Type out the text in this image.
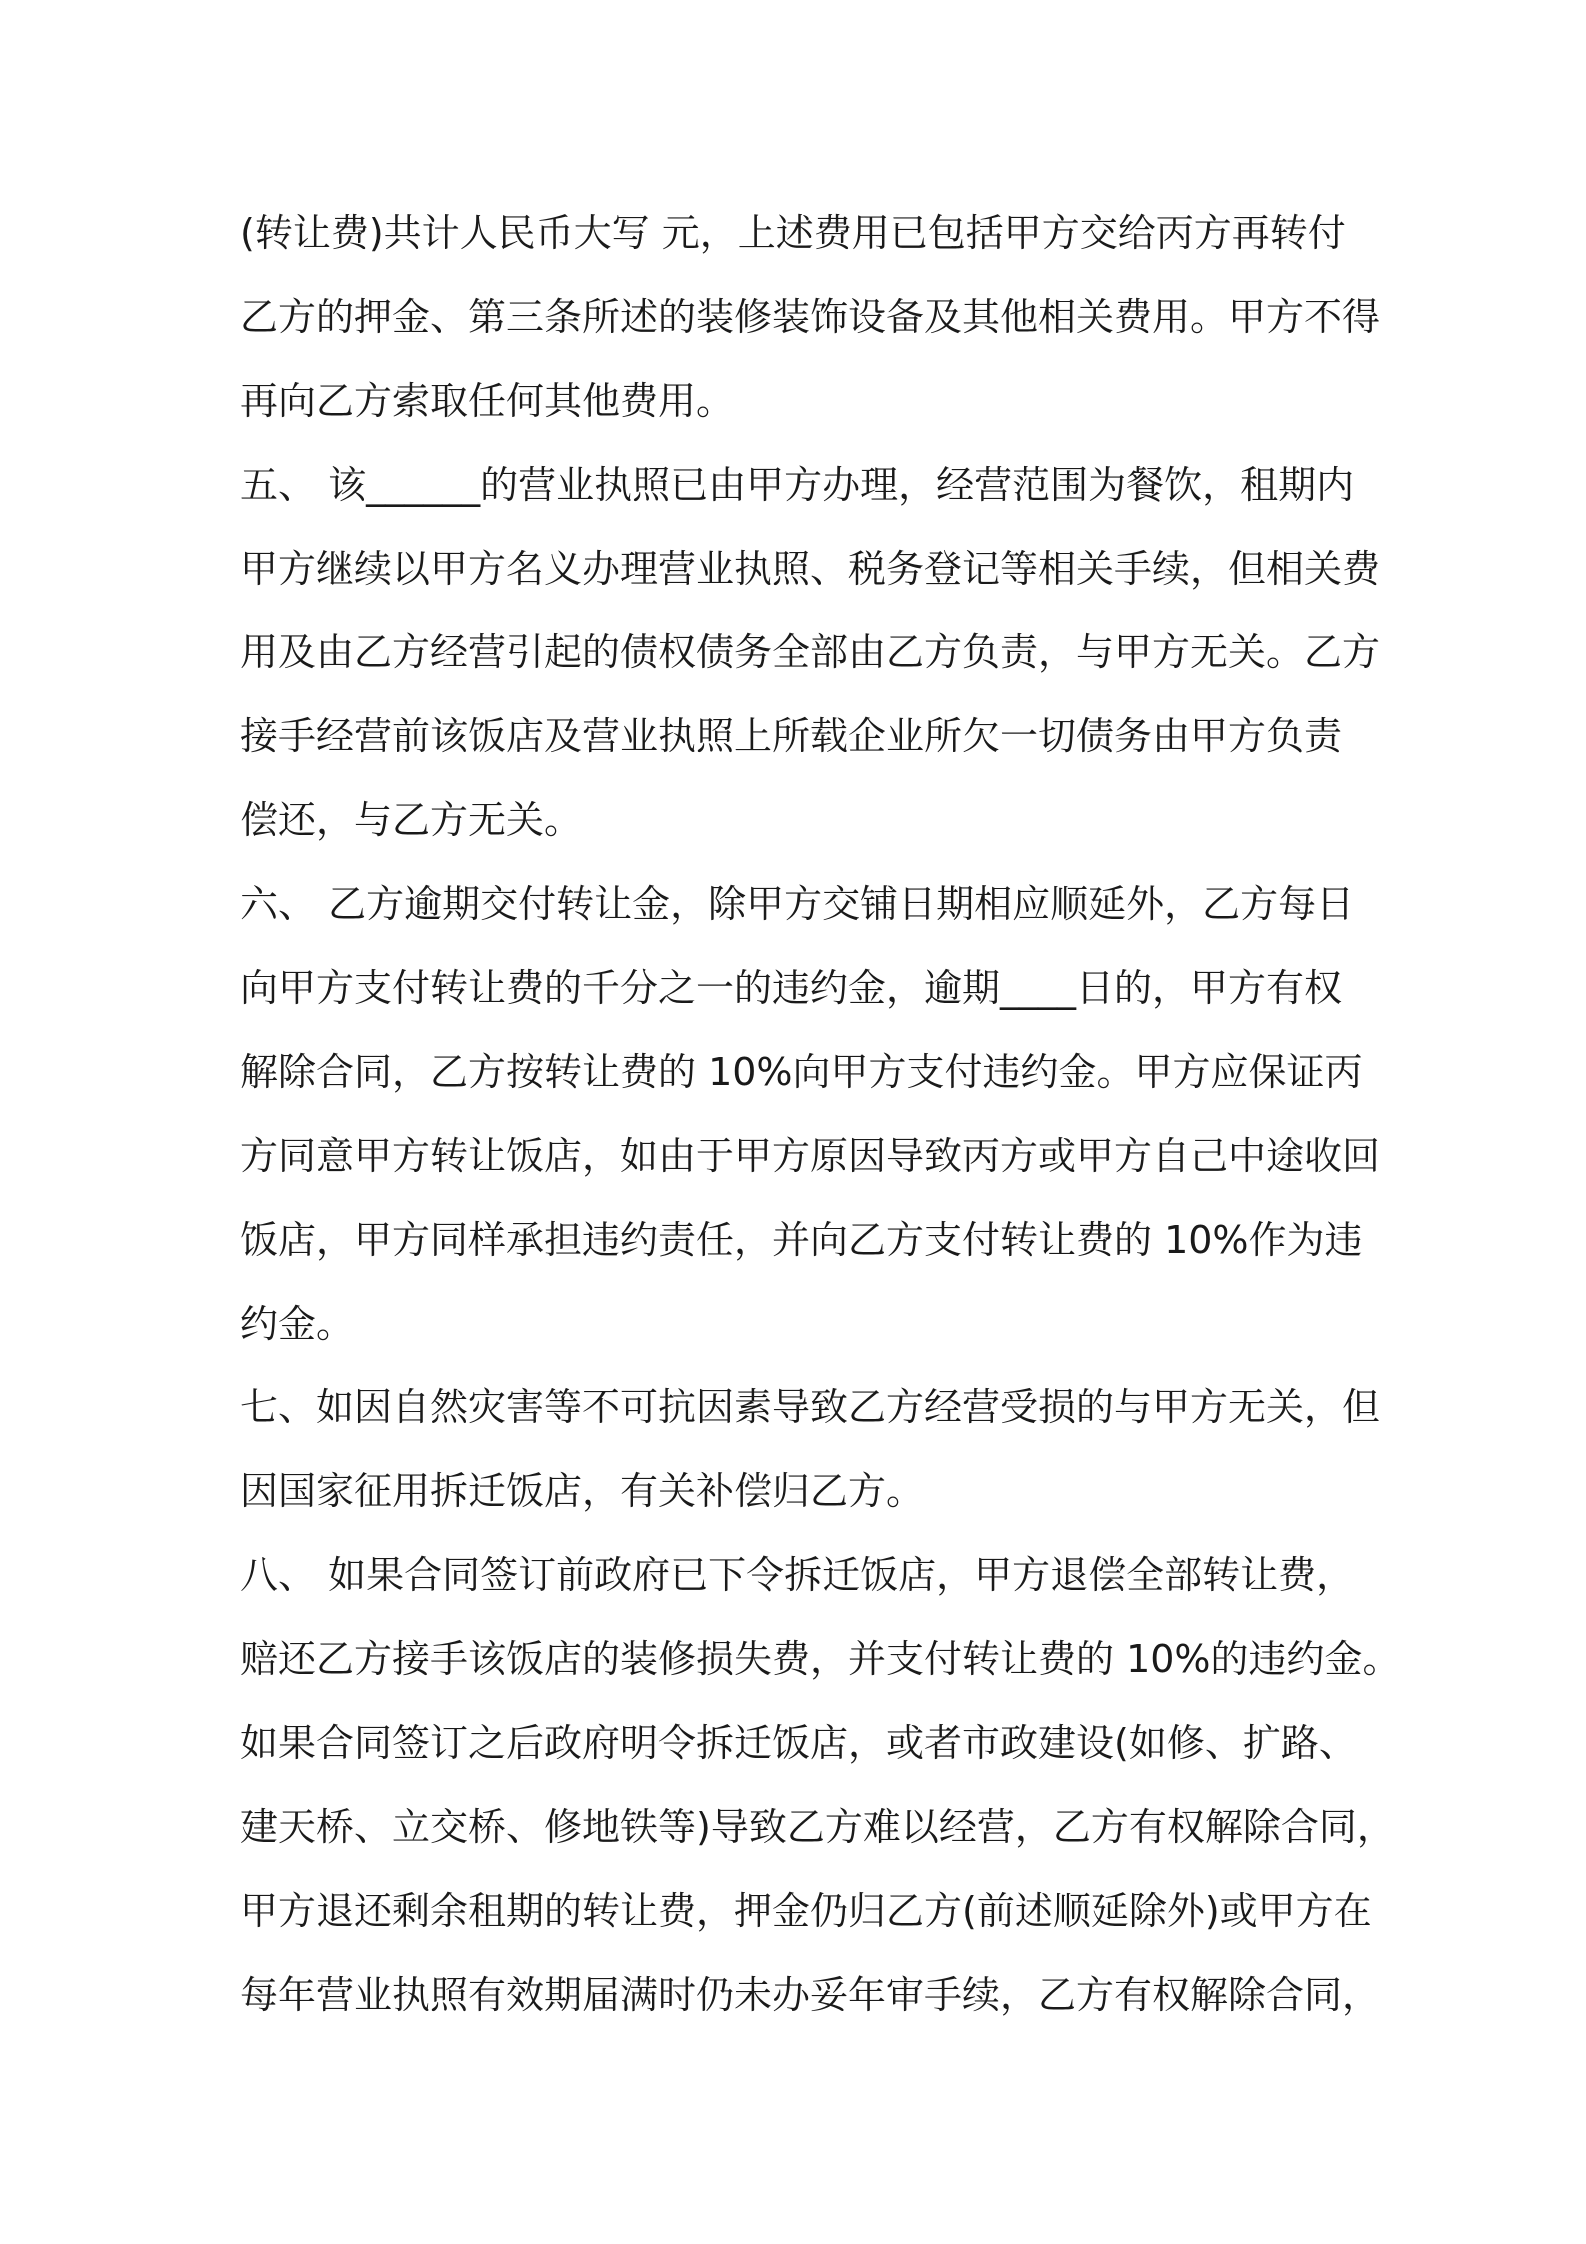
(转让费)共计人民币大写 元，上述费用已包括甲方交给丙方再转付
乙方的押金、第三条所述的装修装饰设备及其他相关费用。甲方不得
再向乙方索取任何其他费用。
五、 该______的营业执照已由甲方办理，经营范围为餐饮，租期内
甲方继续以甲方名义办理营业执照、税务登记等相关手续，但相关费
用及由乙方经营引起的债权债务全部由乙方负责，与甲方无关。乙方
接手经营前该饭店及营业执照上所载企业所欠一切债务由甲方负责
偿还，与乙方无关。
六、 乙方逾期交付转让金，除甲方交铺日期相应顺延外，乙方每日
向甲方支付转让费的千分之一的违约金，逾期____日的，甲方有权
解除合同，乙方按转让费的 10%向甲方支付违约金。甲方应保证丙
方同意甲方转让饭店，如由于甲方原因导致丙方或甲方自己中途收回
饭店，甲方同样承担违约责任，并向乙方支付转让费的 10%作为违
约金。
七、如因自然灾害等不可抗因素导致乙方经营受损的与甲方无关，但
因国家征用拆迁饭店，有关补偿归乙方。
八、 如果合同签订前政府已下令拆迁饭店，甲方退偿全部转让费，
赔还乙方接手该饭店的装修损失费，并支付转让费的 10%的违约金。
如果合同签订之后政府明令拆迁饭店，或者市政建设(如修、扩路、
建天桥、立交桥、修地铁等)导致乙方难以经营，乙方有权解除合同，
甲方退还剩余租期的转让费，押金仍归乙方(前述顺延除外)或甲方在
每年营业执照有效期届满时仍未办妥年审手续，乙方有权解除合同，
